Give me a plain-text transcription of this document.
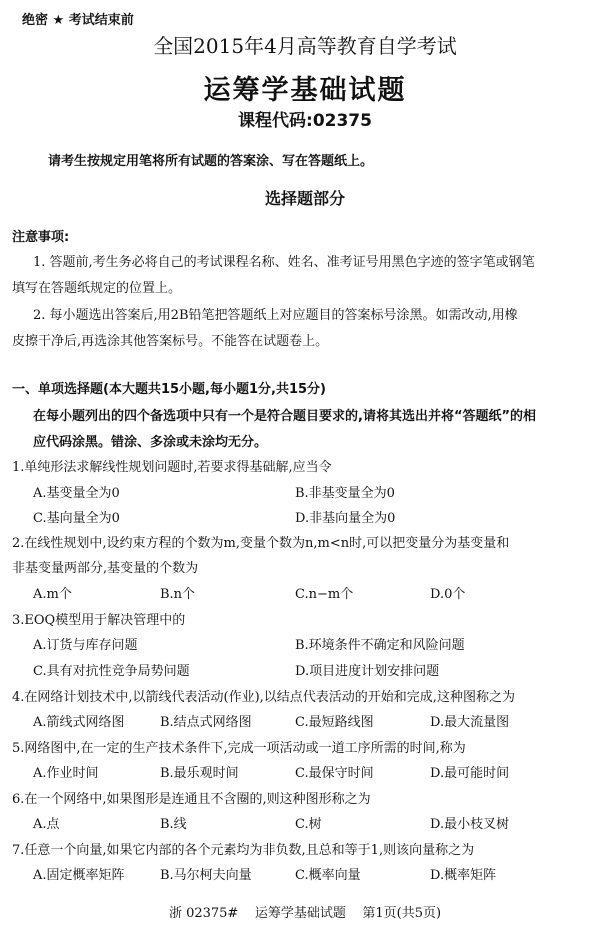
绝密 ★ 考试结束前
全国2015年4月高等教育自学考试
运筹学基础试题
课程代码:02375
请考生按规定用笔将所有试题的答案涂、写在答题纸上。
选择题部分
注意事项:
1. 答题前,考生务必将自己的考试课程名称、姓名、准考证号用黑色字迹的签字笔或钢笔
填写在答题纸规定的位置上。
2. 每小题选出答案后,用2B铅笔把答题纸上对应题目的答案标号涂黑。如需改动,用橡
皮擦干净后,再选涂其他答案标号。不能答在试题卷上。
一、单项选择题(本大题共15小题,每小题1分,共15分)
在每小题列出的四个备选项中只有一个是符合题目要求的,请将其选出并将“答题纸”的相
应代码涂黑。错涂、多涂或未涂均无分。
1.单纯形法求解线性规划问题时,若要求得基础解,应当令
A.基变量全为0	B.非基变量全为0
C.基向量全为0	D.非基向量全为0
2.在线性规划中,设约束方程的个数为m,变量个数为n,m<n时,可以把变量分为基变量和
非基变量两部分,基变量的个数为
A.m个	B.n个	C.n−m个	D.0个
3.EOQ模型用于解决管理中的
A.订货与库存问题	B.环境条件不确定和风险问题
C.具有对抗性竞争局势问题	D.项目进度计划安排问题
4.在网络计划技术中,以箭线代表活动(作业),以结点代表活动的开始和完成,这种图称之为
A.箭线式网络图	B.结点式网络图	C.最短路线图	D.最大流量图
5.网络图中,在一定的生产技术条件下,完成一项活动或一道工序所需的时间,称为
A.作业时间	B.最乐观时间	C.最保守时间	D.最可能时间
6.在一个网络中,如果图形是连通且不含圈的,则这种图形称之为
A.点	B.线	C.树	D.最小枝叉树
7.任意一个向量,如果它内部的各个元素均为非负数,且总和等于1,则该向量称之为
A.固定概率矩阵	B.马尔柯夫向量	C.概率向量	D.概率矩阵
浙 02375#    运筹学基础试题    第1页(共5页)
